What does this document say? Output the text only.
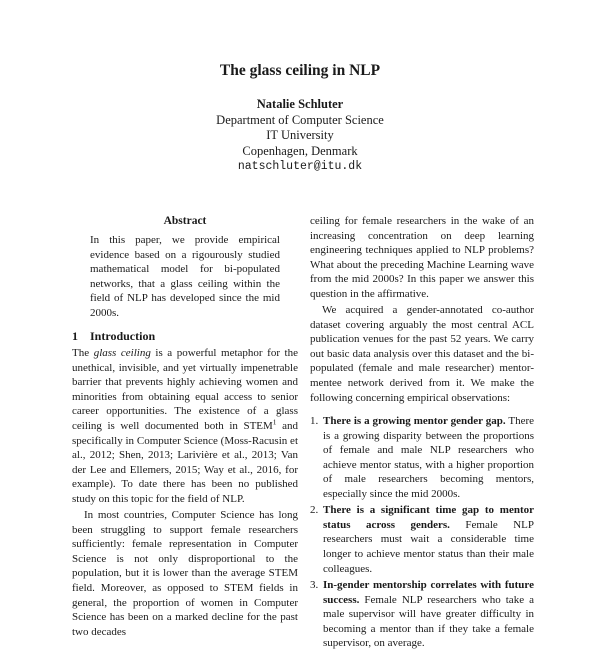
The glass ceiling in NLP
Natalie Schluter
Department of Computer Science
IT University
Copenhagen, Denmark
natschluter@itu.dk
Abstract
In this paper, we provide empirical evidence based on a rigourously studied mathematical model for bi-populated networks, that a glass ceiling within the field of NLP has developed since the mid 2000s.
1 Introduction

The glass ceiling is a powerful metaphor for the unethical, invisible, and yet virtually impenetrable barrier that prevents highly achieving women and minorities from obtaining equal access to senior career opportunities. The existence of a glass ceiling is well documented both in STEM$^1$ and specifically in Computer Science (Moss-Racusin et al., 2012; Shen, 2013; Larivière et al., 2013; Van der Lee and Ellemers, 2015; Way et al., 2016, for example). To date there has been no published study on this topic for the field of NLP.

In most countries, Computer Science has long been struggling to support female researchers sufficiently: female representation in Computer Science is not only disproportional to the population, but it is lower than the average STEM field. Moreover, as opposed to STEM fields in general, the proportion of women in Computer Science has been on a marked decline for the past two decades

ceiling for female researchers in the wake of an increasing concentration on deep learning engineering techniques applied to NLP problems? What about the preceding Machine Learning wave from the mid 2000s? In this paper we answer this question in the affirmative.

We acquired a gender-annotated co-author dataset covering arguably the most central ACL publication venues for the past 52 years. We carry out basic data analysis over this dataset and the bi-populated (female and male researcher) mentor-mentee network derived from it. We make the following concerning empirical observations:

1. There is a growing mentor gender gap. There is a growing disparity between the proportions of female and male NLP researchers who achieve mentor status, with a higher proportion of male researchers becoming mentors, especially since the mid 2000s.
2. There is a significant time gap to mentor status across genders. Female NLP researchers must wait a considerable time longer to achieve mentor status than their male colleagues.
3. In-gender mentorship correlates with future success. Female NLP researchers who take a male supervisor will have greater difficulty in becoming a mentor than if they take a female supervisor, on average.
